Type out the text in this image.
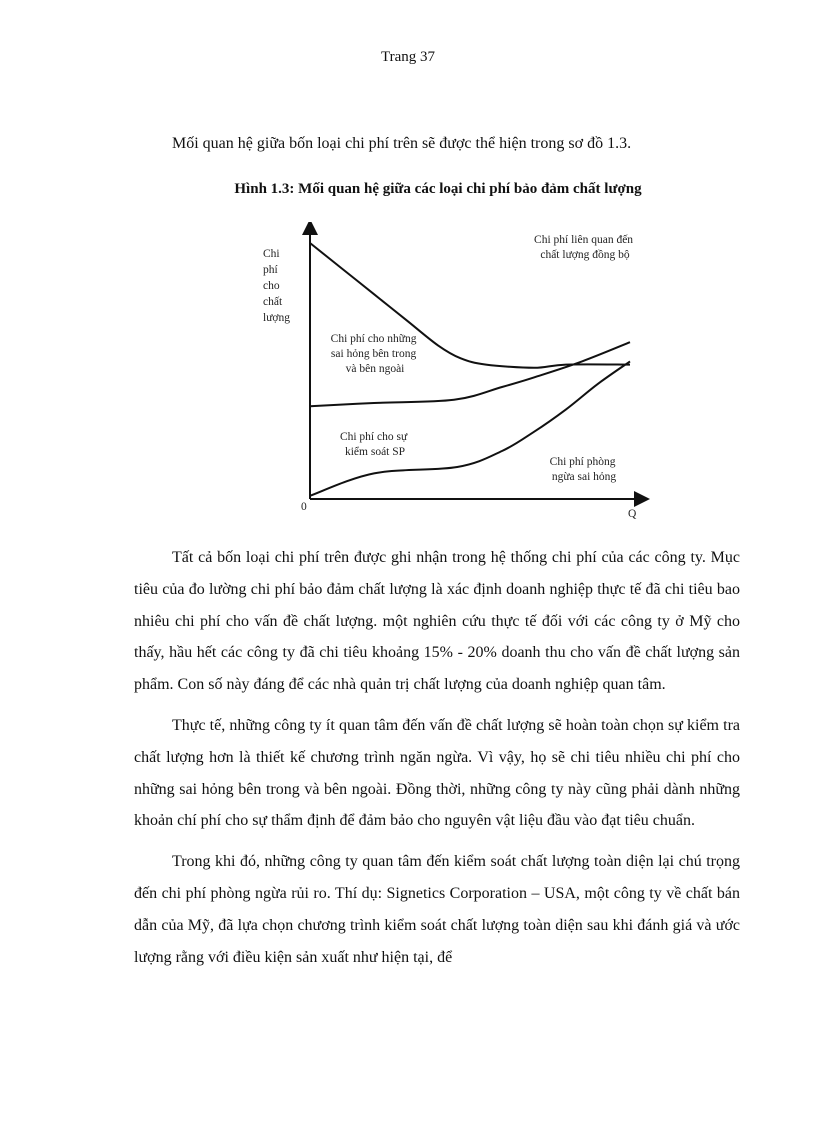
Trang 37

Mối quan hệ giữa bốn loại chi phí trên sẽ được thể hiện trong sơ đồ 1.3.

Hình 1.3: Mối quan hệ giữa các loại chi phí bảo đảm chất lượng
0
Q
Chi phí cho chất lượng
Chi phí liên quan đến chất lượng đồng bộ
Chi phí cho những sai hỏng bên trong và bên ngoài
Chi phí cho sự kiểm soát SP
Chi phí phòng ngừa sai hỏng

Tất cả bốn loại chi phí trên được ghi nhận trong hệ thống chi phí của các công ty. Mục tiêu của đo lường chi phí bảo đảm chất lượng là xác định doanh nghiệp thực tế đã chi tiêu bao nhiêu chi phí cho vấn đề chất lượng. một nghiên cứu thực tế đối với các công ty ở Mỹ cho thấy, hầu hết các công ty đã chi tiêu khoảng 15% - 20% doanh thu cho vấn đề chất lượng sản phẩm. Con số này đáng để các nhà quản trị chất lượng của doanh nghiệp quan tâm.

Thực tế, những công ty ít quan tâm đến vấn đề chất lượng sẽ hoàn toàn chọn sự kiểm tra chất lượng hơn là thiết kế chương trình ngăn ngừa. Vì vậy, họ sẽ chi tiêu nhiều chi phí cho những sai hỏng bên trong và bên ngoài. Đồng thời, những công ty này cũng phải dành những khoản chí phí cho sự thẩm định để đảm bảo cho nguyên vật liệu đầu vào đạt tiêu chuẩn.

Trong khi đó, những công ty quan tâm đến kiểm soát chất lượng toàn diện lại chú trọng đến chi phí phòng ngừa rủi ro. Thí dụ: Signetics Corporation – USA, một công ty về chất bán dẫn của Mỹ, đã lựa chọn chương trình kiểm soát chất lượng toàn diện sau khi đánh giá và ước lượng rằng với điều kiện sản xuất như hiện tại, để
